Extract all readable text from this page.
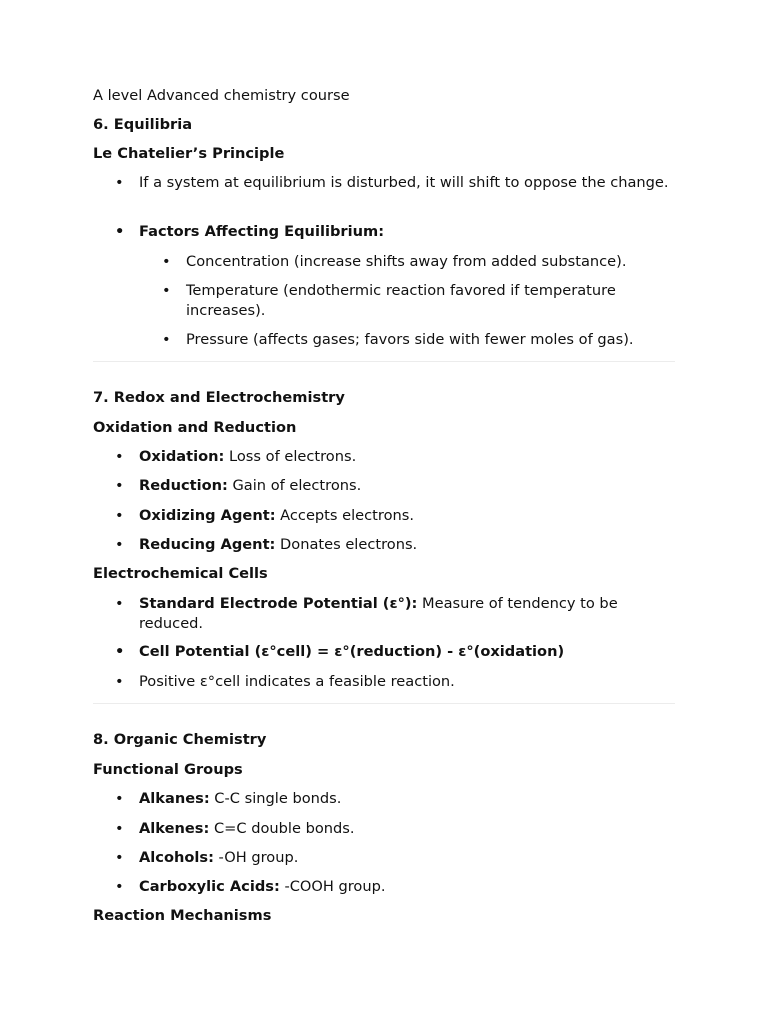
A level Advanced chemistry course
6. Equilibria
Le Chatelier’s Principle
• If a system at equilibrium is disturbed, it will shift to oppose the change.
• Factors Affecting Equilibrium:
• Concentration (increase shifts away from added substance).
• Temperature (endothermic reaction favored if temperature increases).
• Pressure (affects gases; favors side with fewer moles of gas).
7. Redox and Electrochemistry
Oxidation and Reduction
• Oxidation: Loss of electrons.
• Reduction: Gain of electrons.
• Oxidizing Agent: Accepts electrons.
• Reducing Agent: Donates electrons.
Electrochemical Cells
• Standard Electrode Potential (ε°): Measure of tendency to be reduced.
• Cell Potential (ε°cell) = ε°(reduction) - ε°(oxidation)
• Positive ε°cell indicates a feasible reaction.
8. Organic Chemistry
Functional Groups
• Alkanes: C-C single bonds.
• Alkenes: C=C double bonds.
• Alcohols: -OH group.
• Carboxylic Acids: -COOH group.
Reaction Mechanisms
